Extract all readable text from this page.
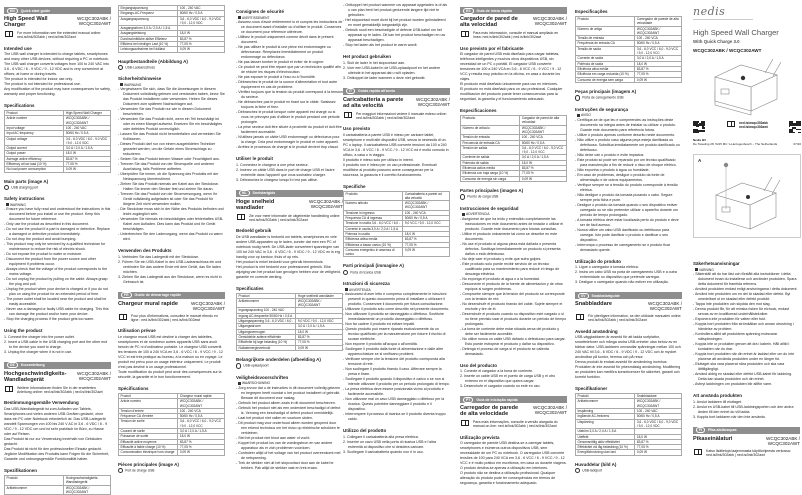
EN	Quick start guide
High Speed Wall Charger
WCQC302ABK / WCQC302AWT
For more information see the extended manual online: ned.is/link/302abk | ned.is/link/302awt
Intended use

The USB wall charger is intended to charge tablets, smartphones and many other USB devices, without requiring a PC or notebook. The USB wall charger converts voltages from 100 to 240 VAC into 3.6 - 6 VDC / 6 - 9 VDC / 9 - 12 VDC and is very convenient at offices, at home or during travels.

The product is intended for indoor use only.

The product is not intended for professional use.

Any modification of the product may have consequences for safety, warranty and proper functioning.

Specifications
Product	High Speed Wall Charger
Article number	WCQC302ABK / WCQC302AWT
Input voltage	100 - 240 VAC
Input AC frequency	50/60 Hz / 0.5 A
Output voltage	3.6 - 6.0 VDC / 6.0 - 9.0 VDC / 9.0 - 12.0 VDC
Output current	3.0 A / 2.0 A / 1.5 A
Output power	18.0 W
Average active efficiency	83.87 %
Efficiency at low load (10 %)	77.05 %
No load power consumption	0.09 W
Main parts (image A)
USB charging port
Safety instructions
WARNING
- Ensure you have fully read and understood the instructions in this document before you install or use the product. Keep this document for future reference.
- Only use the product as described in this document.
- Do not use the product if a part is damaged or defective. Replace a damaged or defective product immediately.
- Do not drop the product and avoid bumping.
- This product may only be serviced by a qualified technician for maintenance to reduce the risk of electric shock.
- Do not expose the product to water or moisture.
- Disconnect the product from the power source and other equipment if problems occur.
- Always check that the voltage of the product corresponds to the mains voltage.
- Do not unplug the product by pulling on the cable. Always grasp the plug and pull.
- Unplug the product when your device is charged or if you do not plan on using the product for an extended period of time.
- The power outlet shall be located near the product and shall be easily accessible.
- Never use a damaged or faulty USB cable for charging. This this can damage the product and/or harm your device.
- Stop the charging process if the product gets too warm.
Using the product
1. Connect the charger into the power outlet.
2. Insert a USB cable in the USB charging port and the other end to the device you want to charge.
3. Unplug the charger when it is not in use.
DE	Kurzanleitung
Hochgeschwindigkeits-Wandladegerät
WCQC302ABK / WCQC302AWT
Weitere Informationen finden Sie in der erweiterten Anleitung online: ned.is/link/302abk | ned.is/link/302awt
Bestimmungsgemäße Verwendung

Das USB-Wandladegerät ist zum Aufladen von Tablets, Smartphones und vielen anderen USB-Geräten gedacht, ohne dass ein PC oder Notebook erforderlich ist. Das USB-Ladegerät wandelt Spannungen von 100 bis 240 V AC in 3,6 - 6 VDC / 6 - 9 VDC / 9 - 12 VDC um und ist sehr praktisch im Büro, zu Hause oder auf Reisen.

Das Produkt ist nur zur Verwendung innerhalb von Gebäuden gedacht.

Das Produkt ist nicht für den professionellen Einsatz gedacht. Jegliche Modifikation des Produkts kann Folgen für die Sicherheit, Garantie und ordnungsgemäße Funktionalität haben.

Spezifikationen
Produkt	Hochgeschwindigkeits-Wandladegerät
Artikelnummer	WCQC302ABK / WCQC302AWT
Eingangsspannung	100 - 240 VAC
Eingangs-AC-Frequenz	50/60 Hz / 0,5 A
Ausgangsspannung	3,6 - 6,0 VDC / 6,0 - 9,0 VDC / 9,0 - 12,0 VDC
Ausgangsstrom 3,0 A / 2,0 A / 1,5 A	
Ausgangsleistung	18,0 W
Durchschnittliche aktive Effizienz	83,87 %
Effizienz bei niedriger Last (10 %)	77,05 %
Leistungsaufnahme bei Nulllast	0,09 W
Hauptbestandteile (Abbildung A)
USB-Ladeanschluss
Sicherheitshinweise
WARNUNG
- Vergewissern Sie sich, dass Sie die Anweisungen in diesem Dokument vollständig gelesen und verstanden haben, bevor Sie das Produkt installieren oder verwenden. Heben Sie dieses Dokument zum späteren Nachschlagen auf.
- Verwenden Sie das Produkt nur wie in diesem Dokument beschrieben.
- Verwenden Sie das Produkt nicht, wenn ein Teil beschädigt ist oder es einen Mangel aufweist. Ersetzen Sie ein beschädigtes oder defektes Produkt unverzüglich.
- Lassen Sie das Produkt nicht herunterfallen und vermeiden Sie Kollisionen.
- Dieses Produkt darf nur von einem ausgebildeten Techniker gewartet werden, um die Gefahr eines Stromschlags zu reduzieren.
- Setzen Sie das Produkt keinem Wasser oder Feuchtigkeit aus.
- Trennen Sie das Produkt von der Stromquelle und anderen Ausrüstung, falls Probleme auftreten.
- Überprüfen Sie immer, ob die Spannung des Produkts mit der Netzspannung übereinstimmt.
- Ziehen Sie das Produkt niemals am Kabel aus der Steckdose. Halten Sie immer den Stecker fest und ziehen Sie daran.
- Trennen Sie das Produkt von der Stromversorgung, wenn Ihr Gerät vollständig aufgeladen ist oder Sie das Produkt für längere Zeit nicht verwenden wollen.
- Die Steckdose muss sich in der Nähe des Produkts befinden und leicht zugänglich sein.
- Verwenden Sie niemals ein beschädigtes oder fehlerhaftes USB-Kabel zum Aufladen. Dies kann das Produkt und Ihr Gerät beschädigen.
- Unterbrechen Sie den Ladevorgang, wenn das Produkt zu warm wird.
Verwenden des Produkts
1. Verbinden Sie das Ladegerät mit der Steckdose.
2. Führen Sie ein USB-Kabel in den USB-Ladeanschluss ein und verbinden Sie das andere Ende mit dem Gerät, das Sie laden möchten.
3. Ziehen Sie das Ladegerät aus der Steckdose, wenn es nicht in Gebrauch ist.
FR	Guide de démarrage rapide
Chargeur mural rapide	WCQC302ABK / WCQC302AWT
Pour plus d'informations, consultez le manuel étendu en ligne : ned.is/link/302abk | ned.is/link/302awt
Utilisation prévue

Le chargeur mural USB est destiné à charger des tablettes, smartphones et de nombreux autres appareils USB sans avoir besoin de PC ni d'ordinateur portable. Le chargeur USB convertit les tensions de 100 à 240 VCA en 3,6 - 6 VCC / 6 - 9 VCC / 9 - 12 VCC et est très pratique au bureau, à la maison ou en voyage. Le produit est prévu pour un usage intérieur uniquement. Le produit n'est pas destiné à un usage professionnel.

Toute modification du produit peut avoir des conséquences sur la sécurité, la garantie et le bon fonctionnement.

Spécifications
Produit	Chargeur mural rapide
Article numéro	WCQC302ABK / WCQC302AWT
Tension d'entrée	100 - 240 VCA
Fréquence CA d'entrée	50/60 Hz / 0,5 A
Tension de sortie	3,6 - 6,0 VCC / 6,0 - 9,0 VCC / 9,0 - 12,0 VCC
Courant de sortie	3,0 A / 2,0 A / 1,5 A
Puissance de sortie	18,0 W
Efficacité active moyenne	83,87 %
Efficacité à faible charge (10 %)	77,05 %
Consommation électrique hors charge	0,09 W
Pièces principales (image A)
Port de charge USB
Consignes de sécurité
AVERTISSEMENT
- Assurez-vous d'avoir entièrement lu et compris les instructions de ce document avant d'installer ou d'utiliser le produit. Conservez ce document pour référence ultérieure.
- Utilisez le produit uniquement comme décrit dans le présent document.
- Ne pas utiliser le produit si une pièce est endommagée ou défectueuse. Remplacez immédiatement un produit endommagé ou défectueux.
- Ne pas laisser tomber le produit et éviter de le cogner.
- Ce produit ne peut être réparé que par un technicien qualifié afin de réduire les risques d'électrocution.
- Ne pas exposer le produit à l'eau ou à l'humidité.
- Débranchez le produit de la source d'alimentation et tout autre équipement en cas de problème.
- Vérifiez toujours que la tension du produit correspond à la tension du secteur.
- Ne débranchez pas le produit en tirant sur le câble. Saisissez toujours la fiche et tirez.
- Débranchez le produit lorsque votre appareil est chargé ou si vous ne prévoyez pas d'utiliser le produit pendant une période prolongée.
- La prise secteur doit être située à proximité du produit et doit être facilement accessible.
- N'utilisez jamais un câble USB endommagé ou défectueux pour la charge. Cela peut endommager le produit et votre appareil.
- Arrêtez le processus de charge si le produit devient trop chaud.
Utiliser le produit
1. Connectez le chargeur à une prise secteur.
2. Insérez un câble USB dans le port de charge USB et l'autre extrémité dans l'appareil que vous souhaitez charger.
3. Débranchez le chargeur lorsqu'il n'est pas utilisé.
NL	Snelstartgids
Hoge snelheid wandlader
WCQC302ABK / WCQC302AWT
Zie voor meer informatie de uitgebreide handleiding online: ned.is/link/302abk | ned.is/link/302awt
Bedoeld gebruik

De USB wandlader is bedoeld om tablets, smartphones en vele andere USB-apparaten op te laden, zonder dat men een PC of notebook nodig heeft. De USB-lader converteert spanningen van 100 tot 240 VAC in 3,6 - 6 VDC / 6 - 9 VDC / 9 - 12 VDC en is erg handig voor op kantoor, thuis of op reis.

Het product is enkel bedoeld voor gebruik binnenshuis.

Het product is niet bedoeld voor professioneel gebruik. Elke wijziging van het product kan gevolgen hebben voor de veiligheid, garantie en correcte werking.

Specificaties
Product	Hoge snelheid wandlader
Artikelnummer	WCQC302ABK / WCQC302AWT
Ingangsspanning 100 - 240 VAC	
Ingang AC-frequentie 50/60 Hz / 0,5 A	
Uitgangsspanning 3,6 - 6,0 VDC / 6,0 -	9,0 VDC / 9,0 - 12,0 VDC
Uitgangsstroom	3,0 A / 2,0 A / 1,5 A
Uitgangsvermogen	18,0 W
Gemiddelde actieve efficiëntie	83,87 %
Efficiëntie bij lage belasting (10 %)	77,05 %
Nullastenergieverbruik	0,09 W
Belangrijkste onderdelen (afbeelding A)
USB-oplaadpoort
Veiligheidsvoorschriften
WAARSCHUWING
- Zorg ervoor dat u de instructies in dit document volledig gelezen en begrepen heeft voordat u het product installeert of gebruikt. Bewaar dit document voor naslag.
- Gebruik het product alleen zoals in dit document beschreven.
- Gebruik het product niet als een onderdeel beschadigd of defect is. Vervang een beschadigd of defect product onmiddellijk.
- Laat het product niet vallen en voorkom stoten.
- Dit product mag voor onderhoud alleen worden geopend door een erkend technicus om het risico op elektrische schokken te verkleinen.
- Stel het product niet bloot aan water of vocht.
- Koppel het product los van de voedingsbron en van andere apparatuur als er zich problemen voordoen.
- Controleer altijd of het voltage van het product overeenkomt met de netspanning.
- Trek de stekker niet uit het stopcontact door aan de kabel te trekken. Pak altijd de stekker vast en trek eraan.
- Ontkoppel het product wanneer uw apparaat opgeladen is of als u van plan bent het product gedurende langere tijd niet te gebruiken.
- Het stopcontact moet dicht bij het product worden geïnstalleerd en moet gemakkelijk toegankelijk zijn.
- Gebruik nooit een beschadigde of defecte USB-kabel om het apparaat op te laden. Dit kan het product beschadigen en uw apparaat beschadigen.
- Stop het laden als het product te warm wordt.
Het product gebruiken
1. Sluit de lader in het stopcontact aan.
2. Voer een USB-kabel in de USB-oplaadpoort en het andere uiteinde in het apparaat dat u wilt opladen.
3. Ontkoppel de lader wanneer u deze niet gebruikt.
IT	Guida rapida all'avvio
Caricabatteria a parete ad alta velocità
WCQC302ABK / WCQC302AWT
Per maggiori informazioni vedere il manuale esteso online: ned.is/link/302abk | ned.is/link/302awt
Uso previsto

Il caricabatteria a parete USB è inteso per caricare tablet, smartphone e molti altri dispositivi USB, senza la necessità di un PC o laptop. Il caricabatteria USB converte tensioni da 100 a 240 VCA in 3,6 - 6 VCC / 6 - 9 VCC / 9 - 12 VCC ed è molto comodo in ufficio, a casa o in viaggio.

Il prodotto è inteso solo per utilizzo in interni.

Il prodotto non è inteso per un uso professionale. Eventuali modifiche al prodotto possono avere conseguenze per la sicurezza, la garanzia e il corretto funzionamento.

Specifiche
Prodotto	Caricabatteria a parete ad alta velocità
Numero articolo	WCQC302ABK / WCQC302AWT
Tensione in ingresso	100 - 240 VCA
Frequenza CA di ingresso	50/60 Hz / 0,5 A
Tensione in uscita 3,6 - 6,0 VCC / 6,0 -	9,0 VCC / 9,0 - 12,0 VCC
Corrente in uscita 3,0 A / 2,0 A / 1,5 A	
Potenza in uscita	18,0 W
Efficienza attiva media	83,87 %
Efficienza a basso carico (10 %)	77,05 %
Consumo energetico in assenza di carico	0,09 W
Parti principali (immagine A)
Porta di ricarica USB
Istruzioni di sicurezza
AVVERTENZA
- Assicurarsi di aver letto e compreso completamente le istruzioni presenti in questo documento prima di installare o utilizzare il prodotto. Conservare il documento per futura consultazione.
- Utilizzare il prodotto solo come descritto nel presente documento.
- Non utilizzare il prodotto se danneggiato o difettoso. Sostituire immediatamente un prodotto danneggiato o difettoso.
- Non far cadere il prodotto ed evitare impatti.
- Questo prodotto può essere riparato esclusivamente da un tecnico qualificato per la manutenzione per ridurre il rischio di scosse elettriche.
- Non esporre il prodotto all'acqua o all'umidità.
- Scollegare il prodotto dalla fonte di alimentazione e dalle altre apparecchiature se si verificano problemi.
- Verificare sempre che la tensione del prodotto corrisponda alla tensione di rete.
- Non scollegare il prodotto tirando il cavo. Afferrare sempre la presa e tirare.
- Scollegare il prodotto quando il dispositivo è carico o se non si intende utilizzare il prodotto per un periodo prolungato di tempo.
- La presa elettrica deve essere posizionata vicino al prodotto e facilmente accessibile.
- Non utilizzare mai un cavo USB danneggiato o difettoso per la ricarica. Questo potrebbe danneggiare il prodotto e il dispositivo.
- Interrompere il processo di ricarica se il prodotto diventa troppo caldo.
Utilizzo del prodotto
1. Collegare il caricabatteria alla presa elettrica.
2. Inserire un cavo USB nella porta di ricarica USB e l'altra estremità al dispositivo che si desidera caricare.
3. Scollegare il caricabatteria quando non è in uso.
ES	Guía de inicio rápido
Cargador de pared de alta velocidad
WCQC302ABK / WCQC302AWT
Para más información, consulte el manual ampliado en línea: ned.is/link/302abk | ned.is/link/302awt
Uso previsto por el fabricante

El cargador de pared USB está diseñado para cargar tabletas, teléfonos inteligentes y muchos otros dispositivos USB, sin necesidad de un PC o portátil. El cargador USB convierte tensiones de 100 a 240 VCA en 3,6 - 6 VCC / 6 - 9 VCC / 9 - 12 VCC y resulta muy práctico en la oficina, en casa o durante los viajes.

El producto está diseñado únicamente para uso en interiores.

El producto no está diseñado para un uso profesional. Cualquier modificación del producto puede tener consecuencias para la seguridad, la garantía y el funcionamiento adecuado.

Especificaciones
Producto	Cargador de pared de alta velocidad
Número de artículo	WCQC302ABK / WCQC302AWT
Tensión de entrada	100 - 240 VCA
Frecuencia de entrada CA	50/60 Hz / 0,5 A
Tensión de salida	3,6 - 6,0 VCC / 6,0 - 9,0 VCC / 9,0 - 12,0 VCC
Corriente de salida	3,0 A / 2,0 A / 1,5 A
Potencia de salida	18,0 W
Eficiencia activa media	83,87 %
Eficiencia con baja carga (10 %)	77,05 %
Consumo de energía sin carga	0,09 W
Partes principales (imagen A)
Puerto de carga USB
Instrucciones de seguridad
ADVERTENCIA
- Asegúrese de que ha leído y entendido completamente las instrucciones en este documento antes de instalar o utilizar el producto. Guarde este documento para futuras consultas.
- Utilice el producto únicamente tal como se describe en este documento.
- No use el producto si alguna pieza está dañada o presenta defectos. Sustituya inmediatamente un producto si presenta daños o está defectuoso.
- No deje caer el producto y evite que sufra golpes.
- Este producto solo puede recibir servicio de un técnico cualificado para su mantenimiento para reducir el riesgo de descarga eléctrica.
- No exponga el producto al agua o a la humedad.
- Desconecte el producto de la fuente de alimentación y de otros equipos si surgen problemas.
- Compruebe siempre que la tensión del producto se corresponde con la tensión de red.
- No desenchufe el producto tirando del cable. Sujete siempre el enchufe y tire de él.
- Desenchufe el producto cuando su dispositivo esté cargado o si no tiene previsto usar el producto durante un periodo de tiempo prolongado.
- La toma de corriente debe estar situada cerca del producto y debe ser fácilmente accesible.
- No utilice nunca un cable USB dañado o defectuoso para cargar. Esto puede estropear el producto y dañar su dispositivo.
- Detenga el proceso de carga si el producto se calienta demasiado.
Uso del producto
1. Conecte el cargador a la toma de corriente.
2. Inserte un cable USB en el puerto de carga USB y el otro extremo en el dispositivo que quiera cargar.
3. Desenchufe el cargador cuando no esté en uso.
PT	Guia de iniciação rápida
Carregador de parede de alta velocidade
WCQC302ABK / WCQC302AWT
Para mais informações, consulte a versão alargada do manual on-line: ned.is/link/302abk | ned.is/link/302awt
Utilização prevista

O carregador de parede USB destina-se a carregar tablets, smartphones e inúmeros outros dispositivos USB, sem necessidade de um PC ou notebook. O carregador USB converte tensões de 100 para 240 VCA em 3,6 - 6 VCC / 6 - 9 VCC / 9 - 12 VCC e é muito prático em escritórios, em casa ou durante viagens.

O produto destina-se apenas a utilização em interiores.

O produto não se destina a utilização profissional. Qualquer alteração do produto pode ter consequências em termos de segurança, garantia e funcionamento adequado.

Especificações
Produto	Carregador de parede de alta velocidade
Número de artigo	WCQC302ABK / WCQC302AWT
Tensão de entrada	100 - 240 VCA
Frequência de entrada CA	50/60 Hz / 0,5 A
Tensão de saída	3,6 - 6,0 VCC / 6,0 - 9,0 VCC / 9,0 - 12,0 VCC
Corrente de saída	3,0 A / 2,0 A / 1,5 A
Potência de saída	18,0 W
Eficiência ativa média	83,87 %
Eficiência em carga reduzida (10 %)	77,05 %
Consumo de energia sem carga	0,09 W
Peças principais (imagem A)
Porta de carregamento USB
Instruções de segurança
AVISO
- Certifique-se de que leu e compreendeu as instruções deste documento na íntegra antes de instalar ou utilizar o produto. Guarde este documento para referência futura.
- Utilize o produto apenas conforme descrito neste documento.
- Não utilize o produto caso alguma peça esteja danificada ou defeituosa. Substitua imediatamente um produto danificado ou defeituoso.
- Não deixe cair o produto e evite impactos.
- Este produto só pode ser reparado por um técnico qualificado para manutenção a fim de reduzir o risco de choque elétrico.
- Não exponha o produto à água ou humidade.
- Em caso de problemas, desligue o produto da fonte de alimentação e de outros equipamentos.
- Verifique sempre se a tensão do produto corresponde à tensão elétrica.
- Não desligue o produto da tomada puxando o cabo. Segure sempre pela ficha e puxe.
- Desligue o produto da tomada quando o seu dispositivo estiver carregado ou se não pretender utilizar o aparelho durante um período de tempo prolongado.
- A tomada elétrica deve estar localizada perto do produto e deve ser de fácil acesso.
- Nunca utilize um cabo USB danificado ou defeituoso para carregar. Isto pode danificar o produto e danificar o seu dispositivo.
- Interrompa o processo de carregamento se o produto ficar demasiado quente.
Utilização do produto
1. Ligue o carregador à tomada elétrica.
2. Insira um cabo USB na porta de carregamento USB e a outra extremidade no dispositivo que pretende carregar.
3. Desligue o carregador quando não estiver em utilização.
SV	Snabbstartguide
Snabbladdare	WCQC302ABK / WCQC302AWT
För ytterligare information, se den utökade manualen online: ned.is/link/302abk | ned.is/link/302awt
Avsedd användning

USB-väggladdaren är avsedd för att ladda surfplattor, smarttelefoner och många andra USB-enheter utan behov av en bärbar dator. USB-laddaren omvandlar spänningar mellan 100 och 240 VAC till 3,6 - 6 VDC / 6 - 9 VDC / 9 - 12 VDC och är mycket användbar på kontor, hemma och på resor.

Denna produkt är endast avsedd för användning inomhus.

Produkten är inte avsedd för yrkesmässig användning. Modifiering av produkten kan medföra konsekvenser för säkerhet, garanti och korrekt funktion.

Specifikationer
Produkt	Snabbladdare
Artikelnummer	WCQC302ABK / WCQC302AWT
Inspänning	100 - 240 VAC
Ingående AC-frekvens	50/60 Hz / 0,5 A
Utspänning	3,6 - 6,0 VDC / 6,0 - 9,0 VDC / 9,0 - 12,0 VDC
Utström 3,0 A / 2,0 A / 1,5 A	
Uteffekt	18,0 W
Genomsnittlig aktiv effektivitet	83,87 %
Effektivitet vid låg belastning (10 %)	77,05 %
Energiförbrukning utan last	0,09 W
Huvuddelar (bild A)
USB-laddport
Säkerhetsanvisningar
VARNING
- Säkerställ att du har läst och förstått alla instruktioner i detta dokument innan du installerar och använder produkten. Spara detta dokument för framtida referens.
- Använd produkten endast enligt anvisningarna i detta dokument.
- Använd inte produkten om en del är skadad eller defekt. Byt omedelbart ut en skadad eller defekt produkt.
- Tappa inte produkten och skydda den mot slag.
- Denna produkt får, för att minska risken för elchock, endast servas av en kvalificerad underhållstekniker.
- Exponera inte produkten för vatten eller fukt.
- Koppla bort produkten från strömkällan och annan utrustning i händelse av problem.
- Kontrollera alltid att produktens spänning motsvarar nätspänningen.
- Koppla inte ur produkten genom att dra i kabeln. Håll alltid i kontakten när du drar.
- Koppla bort produkten när din enhet är laddad eller om du inte planerar att använda produkten under en längre tid.
- Eluttaget ska vara placerat nära produkten och ska vara lättillgängligt.
- Använd aldrig en skadad eller defekt USB-kabel för laddning. Detta kan skada produkten och din enhet.
- Avbryt laddningen om produkten blir alltför varm.
Att använda produkten
1. Anslut laddaren till eluttaget.
2. Anslut en USB-kabel till USB-laddningsporten och den andra änden till den enhet du vill ladda.
3. Koppla bort laddaren när den inte används.
FI	Pika-aloitusopas
Pikaseinälaturi	WCQC302ABK / WCQC302AWT
Katso lisätietoja laajemmasta käyttöohjeesta verkossa: ned.is/link/302abk | ned.is/link/302awt
nedis
High Speed Wall Charger
With Quick Charge 3.0
WCQC302ABK / WCQC302AWT
ned.is/wcqc302abk
ned.is/wcqc302awt
Nedis BV
De Tweeling 28, 5215 MC 's-Hertogenbosch – The Netherlands	07/20
A
